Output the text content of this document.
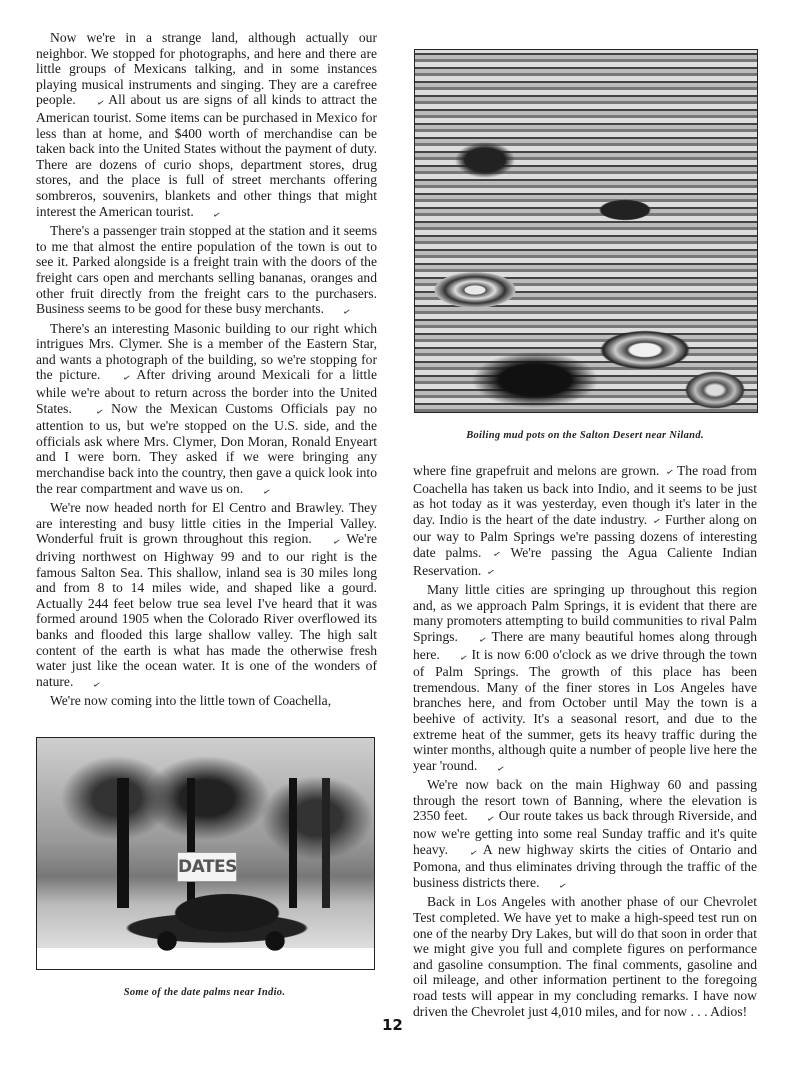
Now we're in a strange land, although actually our neighbor. We stopped for photographs, and here and there are little groups of Mexicans talking, and in some instances playing musical instruments and singing. They are a carefree people. ✓ All about us are signs of all kinds to attract the American tourist. Some items can be purchased in Mexico for less than at home, and $400 worth of merchandise can be taken back into the United States without the payment of duty. There are dozens of curio shops, department stores, drug stores, and the place is full of street merchants offering sombreros, souvenirs, blankets and other things that might interest the American tourist. ✓

There's a passenger train stopped at the station and it seems to me that almost the entire population of the town is out to see it. Parked alongside is a freight train with the doors of the freight cars open and merchants selling bananas, oranges and other fruit directly from the freight cars to the purchasers. Business seems to be good for these busy merchants. ✓

There's an interesting Masonic building to our right which intrigues Mrs. Clymer. She is a member of the Eastern Star, and wants a photograph of the building, so we're stopping for the picture. ✓ After driving around Mexicali for a little while we're about to return across the border into the United States. ✓ Now the Mexican Customs Officials pay no attention to us, but we're stopped on the U.S. side, and the officials ask where Mrs. Clymer, Don Moran, Ronald Enyeart and I were born. They asked if we were bringing any merchandise back into the country, then gave a quick look into the rear compartment and wave us on. ✓

We're now headed north for El Centro and Brawley. They are interesting and busy little cities in the Imperial Valley. Wonderful fruit is grown throughout this region. ✓ We're driving northwest on Highway 99 and to our right is the famous Salton Sea. This shallow, inland sea is 30 miles long and from 8 to 14 miles wide, and shaped like a gourd. Actually 244 feet below true sea level I've heard that it was formed around 1905 when the Colorado River overflowed its banks and flooded this large shallow valley. The high salt content of the earth is what has made the otherwise fresh water just like the ocean water. It is one of the wonders of nature. ✓

We're now coming into the little town of Coachella,

Boiling mud pots on the Salton Desert near Niland.

where fine grapefruit and melons are grown. ✓ The road from Coachella has taken us back into Indio, and it seems to be just as hot today as it was yesterday, even though it's later in the day. Indio is the heart of the date industry. ✓ Further along on our way to Palm Springs we're passing dozens of interesting date palms. ✓ We're passing the Agua Caliente Indian Reservation. ✓

Many little cities are springing up throughout this region and, as we approach Palm Springs, it is evident that there are many promoters attempting to build communities to rival Palm Springs. ✓ There are many beautiful homes along through here. ✓ It is now 6:00 o'clock as we drive through the town of Palm Springs. The growth of this place has been tremendous. Many of the finer stores in Los Angeles have branches here, and from October until May the town is a beehive of activity. It's a seasonal resort, and due to the extreme heat of the summer, gets its heavy traffic during the winter months, although quite a number of people live here the year 'round. ✓

We're now back on the main Highway 60 and passing through the resort town of Banning, where the elevation is 2350 feet. ✓ Our route takes us back through Riverside, and now we're getting into some real Sunday traffic and it's quite heavy. ✓ A new highway skirts the cities of Ontario and Pomona, and thus eliminates driving through the traffic of the business districts there. ✓

Back in Los Angeles with another phase of our Chevrolet Test completed. We have yet to make a high-speed test run on one of the nearby Dry Lakes, but will do that soon in order that we might give you full and complete figures on performance and gasoline consumption. The final comments, gasoline and oil mileage, and other information pertinent to the foregoing road tests will appear in my concluding remarks. I have now driven the Chevrolet just 4,010 miles, and for now . . . Adios!

DATES
Some of the date palms near Indio.
12
